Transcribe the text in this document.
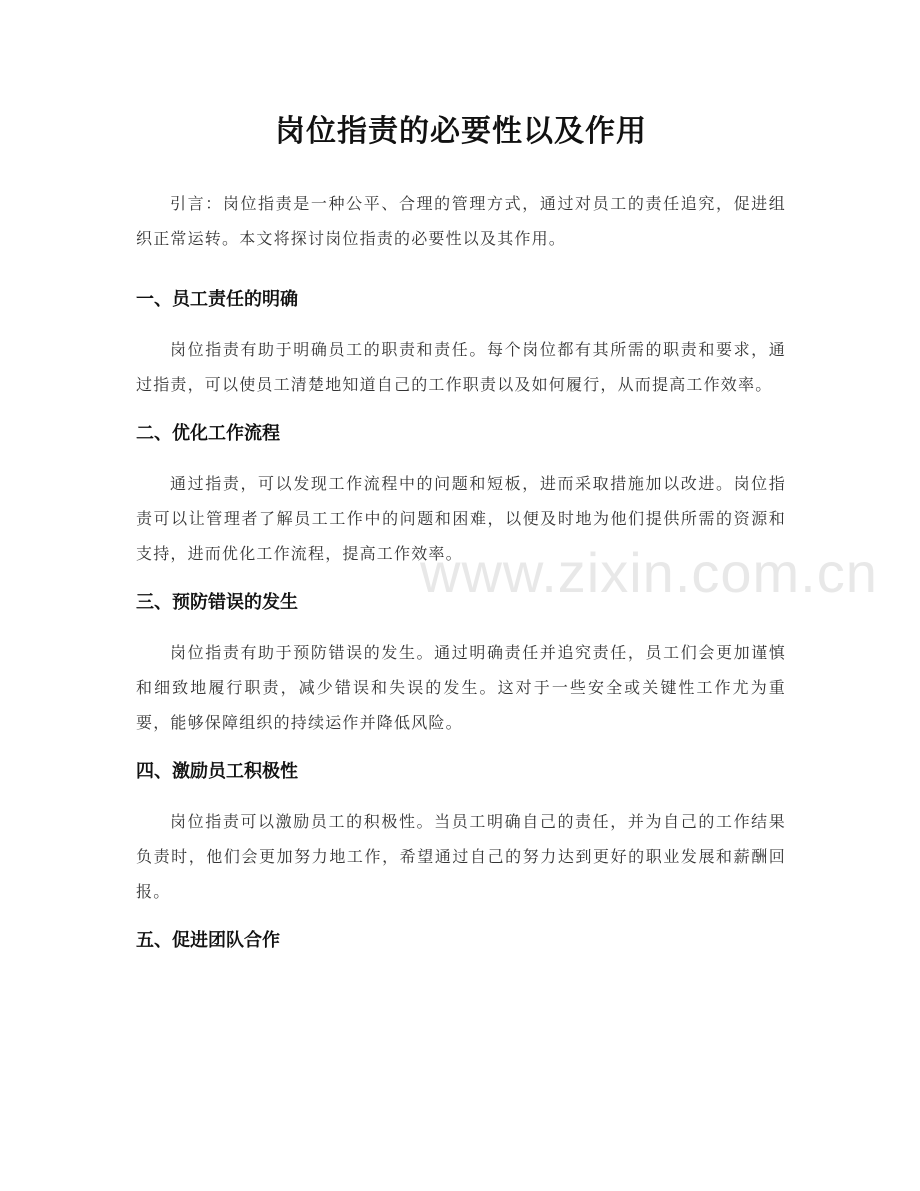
岗位指责的必要性以及作用

引言：岗位指责是一种公平、合理的管理方式，通过对员工的责任追究，促进组织正常运转。本文将探讨岗位指责的必要性以及其作用。

一、员工责任的明确

岗位指责有助于明确员工的职责和责任。每个岗位都有其所需的职责和要求，通过指责，可以使员工清楚地知道自己的工作职责以及如何履行，从而提高工作效率。

二、优化工作流程

通过指责，可以发现工作流程中的问题和短板，进而采取措施加以改进。岗位指责可以让管理者了解员工工作中的问题和困难，以便及时地为他们提供所需的资源和支持，进而优化工作流程，提高工作效率。

三、预防错误的发生

岗位指责有助于预防错误的发生。通过明确责任并追究责任，员工们会更加谨慎和细致地履行职责，减少错误和失误的发生。这对于一些安全或关键性工作尤为重要，能够保障组织的持续运作并降低风险。

四、激励员工积极性

岗位指责可以激励员工的积极性。当员工明确自己的责任，并为自己的工作结果负责时，他们会更加努力地工作，希望通过自己的努力达到更好的职业发展和薪酬回报。

五、促进团队合作
www.zixin.com.cn
